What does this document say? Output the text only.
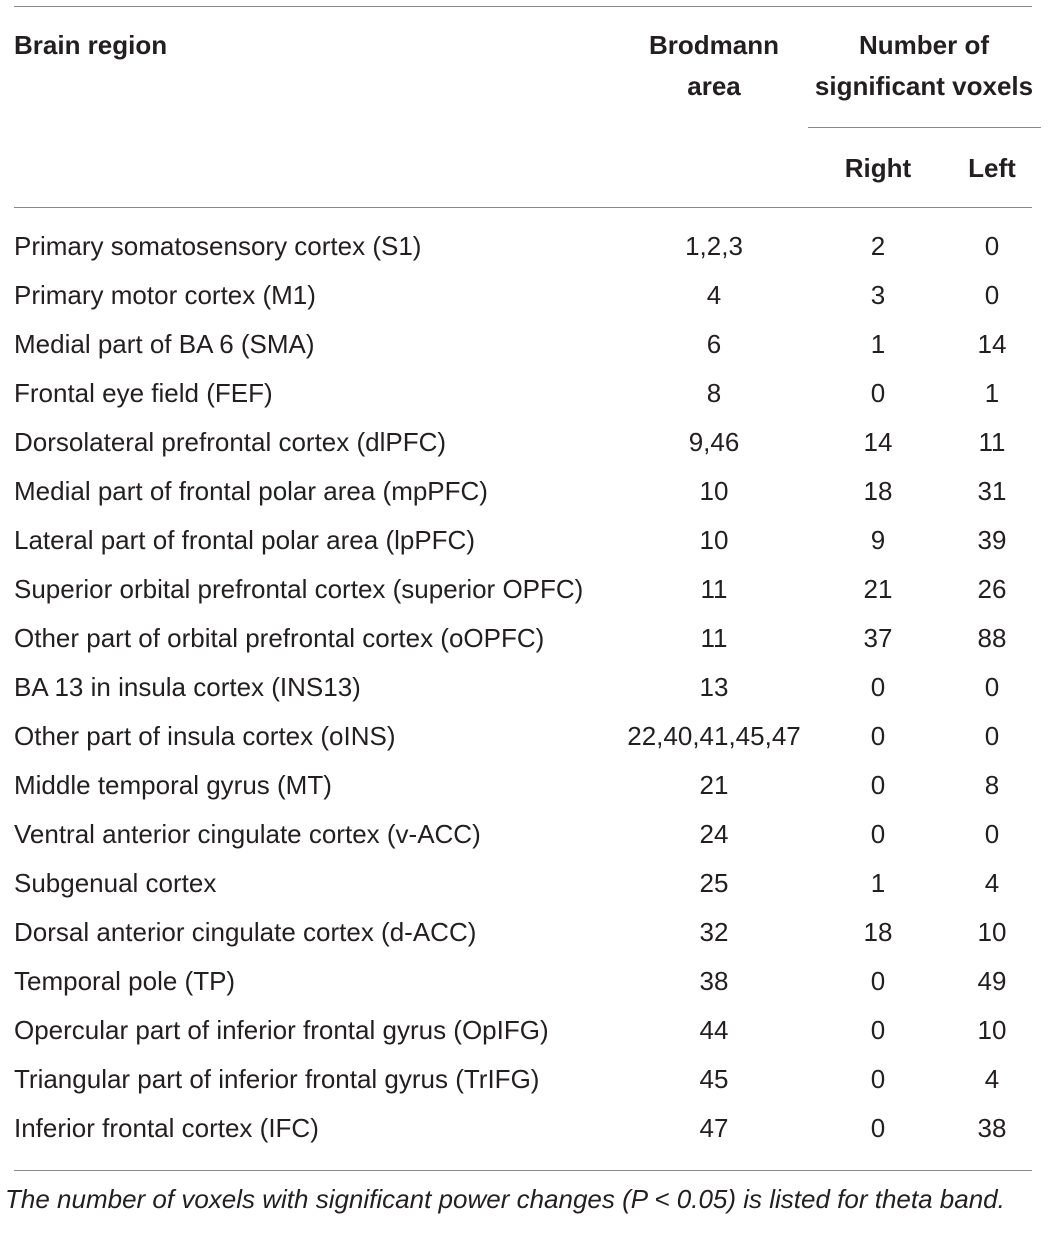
Brain region	Brodmann
area
Number of
significant voxels
Right	Left
Primary somatosensory cortex (S1)	1,2,3	2	0
Primary motor cortex (M1)	4	3	0
Medial part of BA 6 (SMA)	6	1	14
Frontal eye field (FEF)	8	0	1
Dorsolateral prefrontal cortex (dlPFC)	9,46	14	11
Medial part of frontal polar area (mpPFC)	10	18	31
Lateral part of frontal polar area (lpPFC)	10	9	39
Superior orbital prefrontal cortex (superior OPFC)	11	21	26
Other part of orbital prefrontal cortex (oOPFC)	11	37	88
BA 13 in insula cortex (INS13)	13	0	0
Other part of insula cortex (oINS)	22,40,41,45,47	0	0
Middle temporal gyrus (MT)	21	0	8
Ventral anterior cingulate cortex (v-ACC)	24	0	0
Subgenual cortex	25	1	4
Dorsal anterior cingulate cortex (d-ACC)	32	18	10
Temporal pole (TP)	38	0	49
Opercular part of inferior frontal gyrus (OpIFG)	44	0	10
Triangular part of inferior frontal gyrus (TrIFG)	45	0	4
Inferior frontal cortex (IFC)	47	0	38
The number of voxels with significant power changes (P < 0.05) is listed for theta band.
